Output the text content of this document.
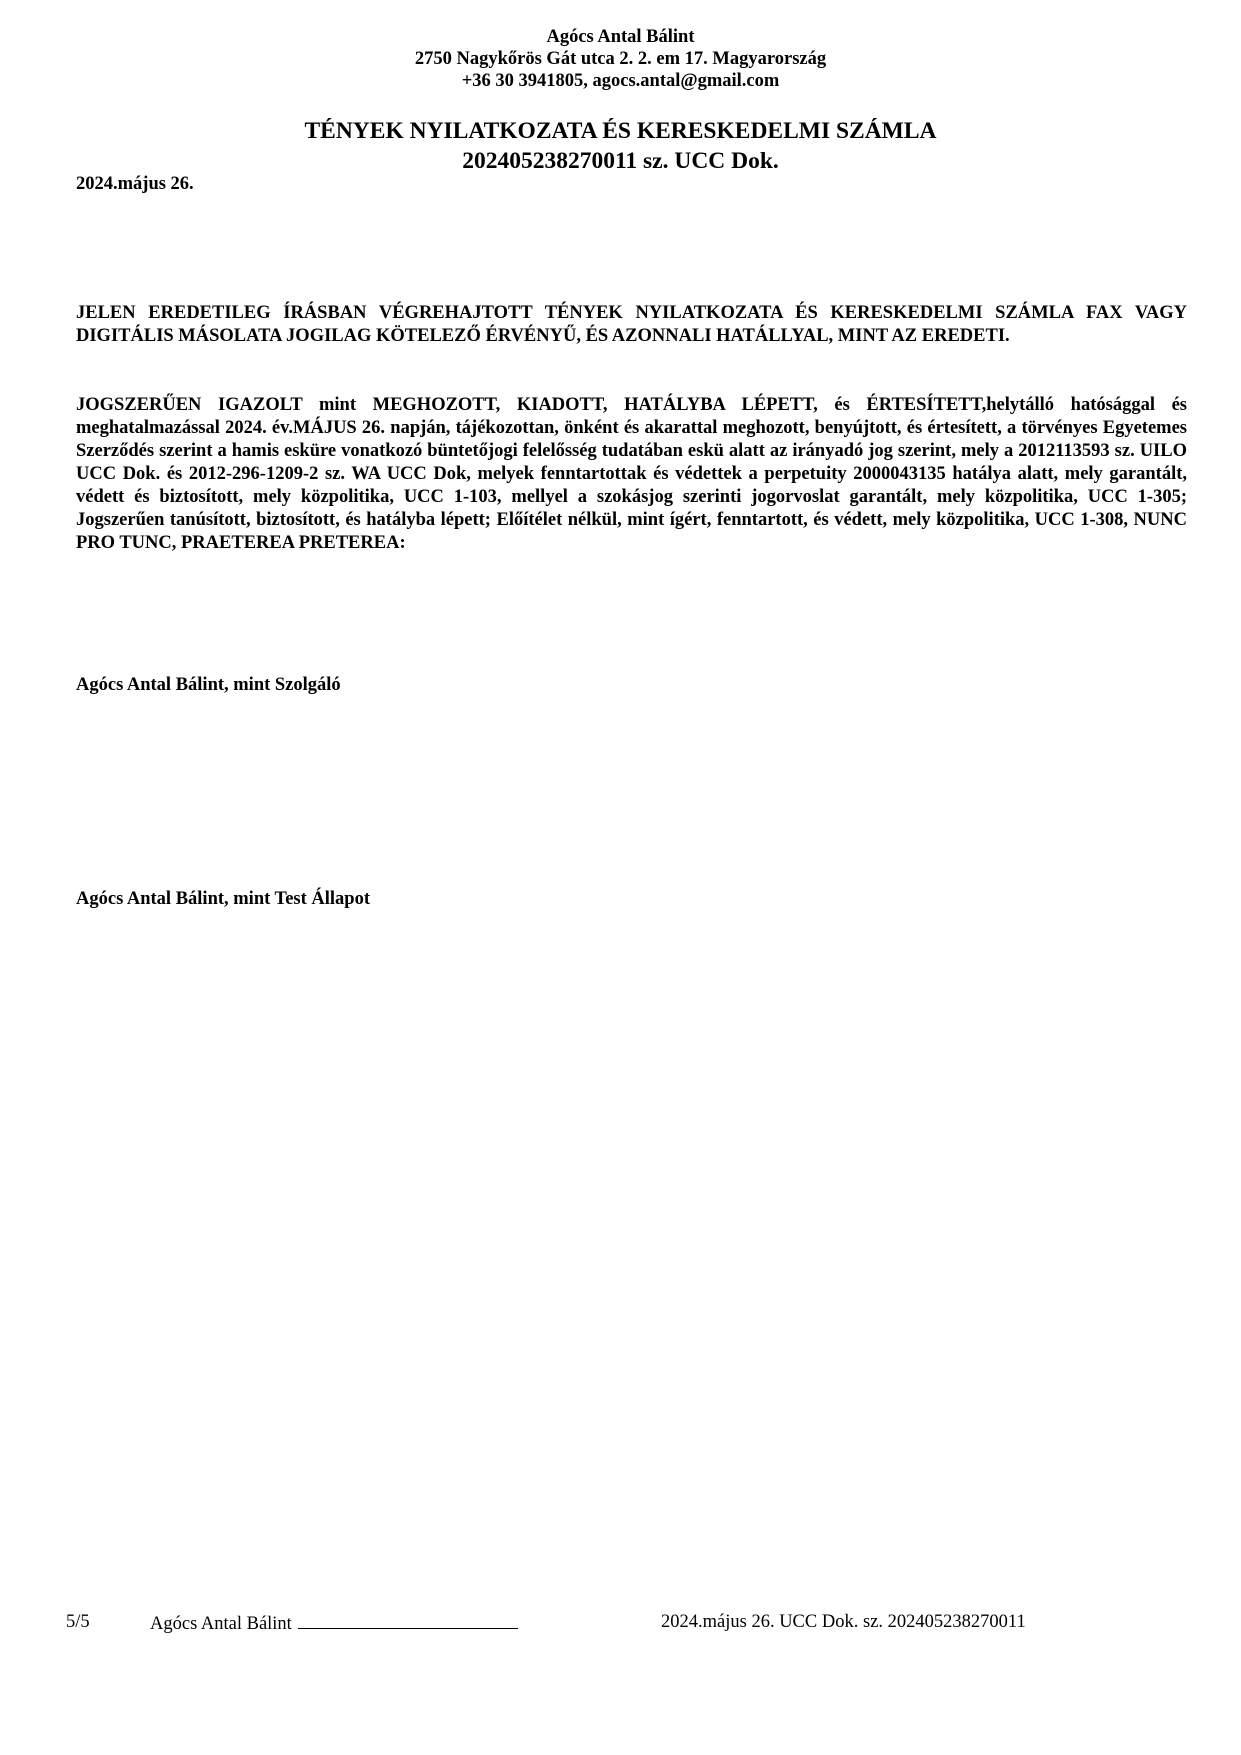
Agócs Antal Bálint
2750 Nagykőrös Gát utca 2. 2. em 17. Magyarország
+36 30 3941805, agocs.antal@gmail.com
TÉNYEK NYILATKOZATA ÉS KERESKEDELMI SZÁMLA
202405238270011 sz. UCC Dok.
2024.május 26.
JELEN EREDETILEG ÍRÁSBAN VÉGREHAJTOTT TÉNYEK NYILATKOZATA ÉS KERESKEDELMI SZÁMLA FAX VAGY DIGITÁLIS MÁSOLATA JOGILAG KÖTELEZŐ ÉRVÉNYŰ, ÉS AZONNALI HATÁLLYAL, MINT AZ EREDETI.
JOGSZERŰEN IGAZOLT mint MEGHOZOTT, KIADOTT, HATÁLYBA LÉPETT, és ÉRTESÍTETT,helytálló hatósággal és meghatalmazással 2024. év.MÁJUS 26. napján, tájékozottan, önként és akarattal meghozott, benyújtott, és értesített, a törvényes Egyetemes Szerződés szerint a hamis esküre vonatkozó büntetőjogi felelősség tudatában eskü alatt az irányadó jog szerint, mely a 2012113593 sz. UILO UCC Dok. és 2012-296-1209-2 sz. WA UCC Dok, melyek fenntartottak és védettek a perpetuity 2000043135 hatálya alatt, mely garantált, védett és biztosított, mely közpolitika, UCC 1-103, mellyel a szokásjog szerinti jogorvoslat garantált, mely közpolitika, UCC 1-305; Jogszerűen tanúsított, biztosított, és hatályba lépett; Előítélet nélkül, mint ígért, fenntartott, és védett, mely közpolitika, UCC 1-308, NUNC PRO TUNC, PRAETEREA PRETEREA:
Agócs Antal Bálint, mint Szolgáló
Agócs Antal Bálint, mint Test Állapot
5/5	Agócs Antal Bálint	2024.május 26. UCC Dok. sz. 202405238270011
